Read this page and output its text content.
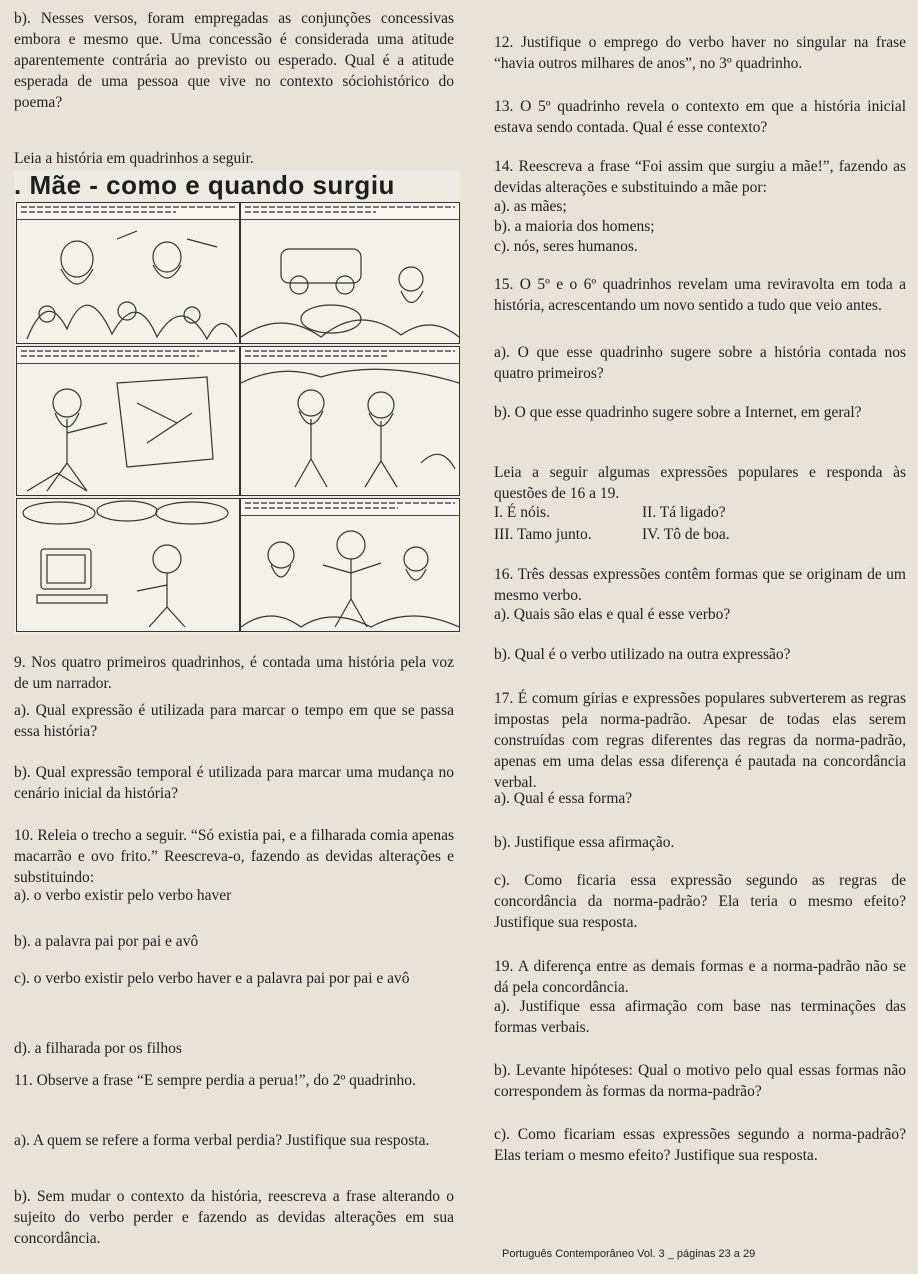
b). Nesses versos, foram empregadas as conjunções concessivas embora e mesmo que. Uma concessão é considerada uma atitude aparentemente contrária ao previsto ou esperado. Qual é a atitude esperada de uma pessoa que vive no contexto sóciohistórico do poema?
Leia a história em quadrinhos a seguir.
. Mãe - como e quando surgiu
9. Nos quatro primeiros quadrinhos, é contada uma história pela voz de um narrador.
a). Qual expressão é utilizada para marcar o tempo em que se passa essa história?
b). Qual expressão temporal é utilizada para marcar uma mudança no cenário inicial da história?
10. Releia o trecho a seguir. “Só existia pai, e a filharada comia apenas macarrão e ovo frito.” Reescreva-o, fazendo as devidas alterações e substituindo:
a). o verbo existir pelo verbo haver
b). a palavra pai por pai e avô
c). o verbo existir pelo verbo haver e a palavra pai por pai e avô
d). a filharada por os filhos
11. Observe a frase “E sempre perdia a perua!”, do 2º quadrinho.
a). A quem se refere a forma verbal perdia? Justifique sua resposta.
b). Sem mudar o contexto da história, reescreva a frase alterando o sujeito do verbo perder e fazendo as devidas alterações em sua concordância.
12. Justifique o emprego do verbo haver no singular na frase “havia outros milhares de anos”, no 3º quadrinho.
13. O 5º quadrinho revela o contexto em que a história inicial estava sendo contada. Qual é esse contexto?
14. Reescreva a frase “Foi assim que surgiu a mãe!”, fazendo as devidas alterações e substituindo a mãe por:
a). as mães;
b). a maioria dos homens;
c). nós, seres humanos.
15. O 5º e o 6º quadrinhos revelam uma reviravolta em toda a história, acrescentando um novo sentido a tudo que veio antes.
a). O que esse quadrinho sugere sobre a história contada nos quatro primeiros?
b). O que esse quadrinho sugere sobre a Internet, em geral?
Leia a seguir algumas expressões populares e responda às questões de 16 a 19.
I. É nóis.	II. Tá ligado?
III. Tamo junto.	IV. Tô de boa.
16. Três dessas expressões contêm formas que se originam de um mesmo verbo.
a). Quais são elas e qual é esse verbo?
b). Qual é o verbo utilizado na outra expressão?
17. É comum gírias e expressões populares subverterem as regras impostas pela norma-padrão. Apesar de todas elas serem construídas com regras diferentes das regras da norma-padrão, apenas em uma delas essa diferença é pautada na concordância verbal.
a). Qual é essa forma?
b). Justifique essa afirmação.
c). Como ficaria essa expressão segundo as regras de concordância da norma-padrão? Ela teria o mesmo efeito? Justifique sua resposta.
19. A diferença entre as demais formas e a norma-padrão não se dá pela concordância.
a). Justifique essa afirmação com base nas terminações das formas verbais.
b). Levante hipóteses: Qual o motivo pelo qual essas formas não correspondem às formas da norma-padrão?
c). Como ficariam essas expressões segundo a norma-padrão? Elas teriam o mesmo efeito? Justifique sua resposta.
Português Contemporâneo Vol. 3 _ páginas 23 a 29
